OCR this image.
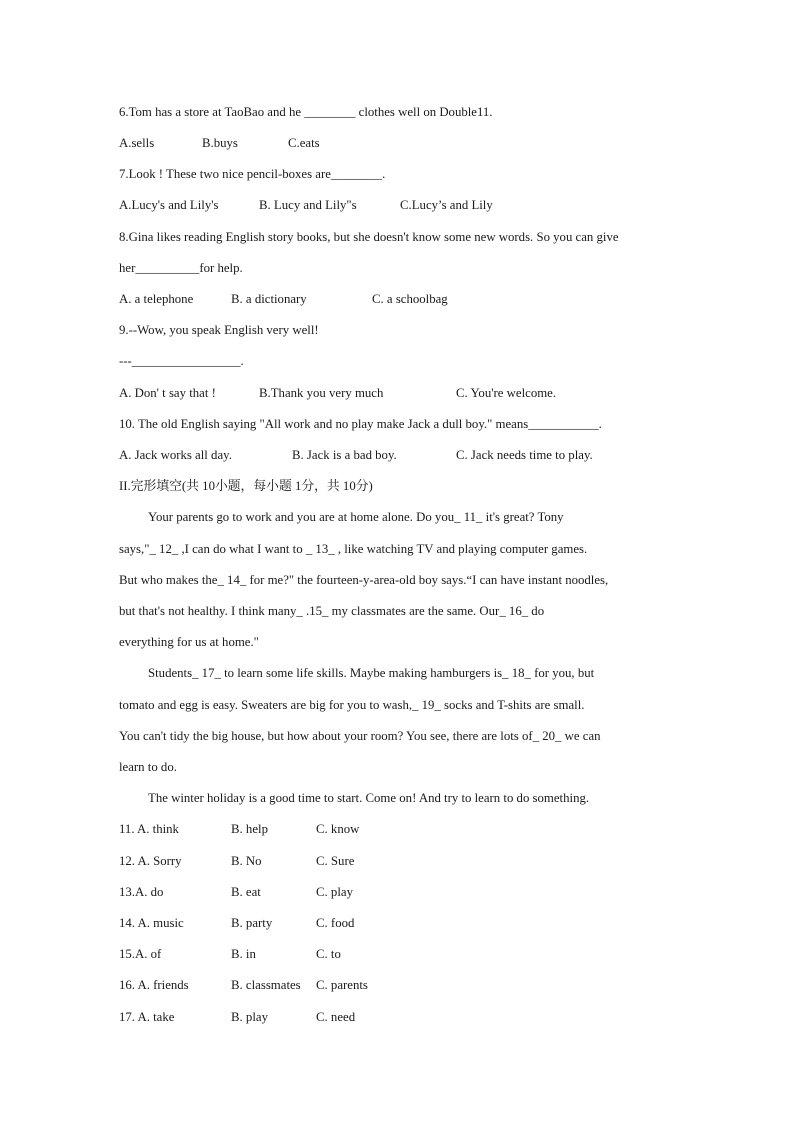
6.Tom has a store at TaoBao and he ________ clothes well on Double11.
A.sells	B.buys	C.eats
7.Look ! These two nice pencil-boxes are________.
A.Lucy's and Lily's	B. Lucy and Lily"s	C.Lucy’s and Lily
8.Gina likes reading English story books, but she doesn't know some new words. So you can give
her__________for help.
A. a telephone	B. a dictionary	C. a schoolbag
9.--Wow, you speak English very well!
---_________________.
A. Don' t say that !	B.Thank you very much	C. You're welcome.
10. The old English saying "All work and no play make Jack a dull boy." means___________.
A. Jack works all day.	B. Jack is a bad boy.	C. Jack needs time to play.
II.完形填空(共 10小题，每小题 1分，共 10分)
Your parents go to work and you are at home alone. Do you_ 11_ it's great? Tony
says,"_ 12_ ,I can do what I want to _ 13_ , like watching TV and playing computer games.
But who makes the_ 14_ for me?" the fourteen-y-area-old boy says.“I can have instant noodles,
but that's not healthy. I think many_ .15_ my classmates are the same. Our_ 16_ do
everything for us at home."
Students_ 17_ to learn some life skills. Maybe making hamburgers is_ 18_ for you, but
tomato and egg is easy. Sweaters are big for you to wash,_ 19_ socks and T-shits are small.
You can't tidy the big house, but how about your room? You see, there are lots of_ 20_ we can
learn to do.
The winter holiday is a good time to start. Come on! And try to learn to do something.
11. A. think	B. help	C. know
12. A. Sorry	B. No	C. Sure
13.A. do	B. eat	C. play
14. A. music	B. party	C. food
15.A. of	B. in	C. to
16. A. friends	B. classmates C. parents
17. A. take	B. play	C. need
